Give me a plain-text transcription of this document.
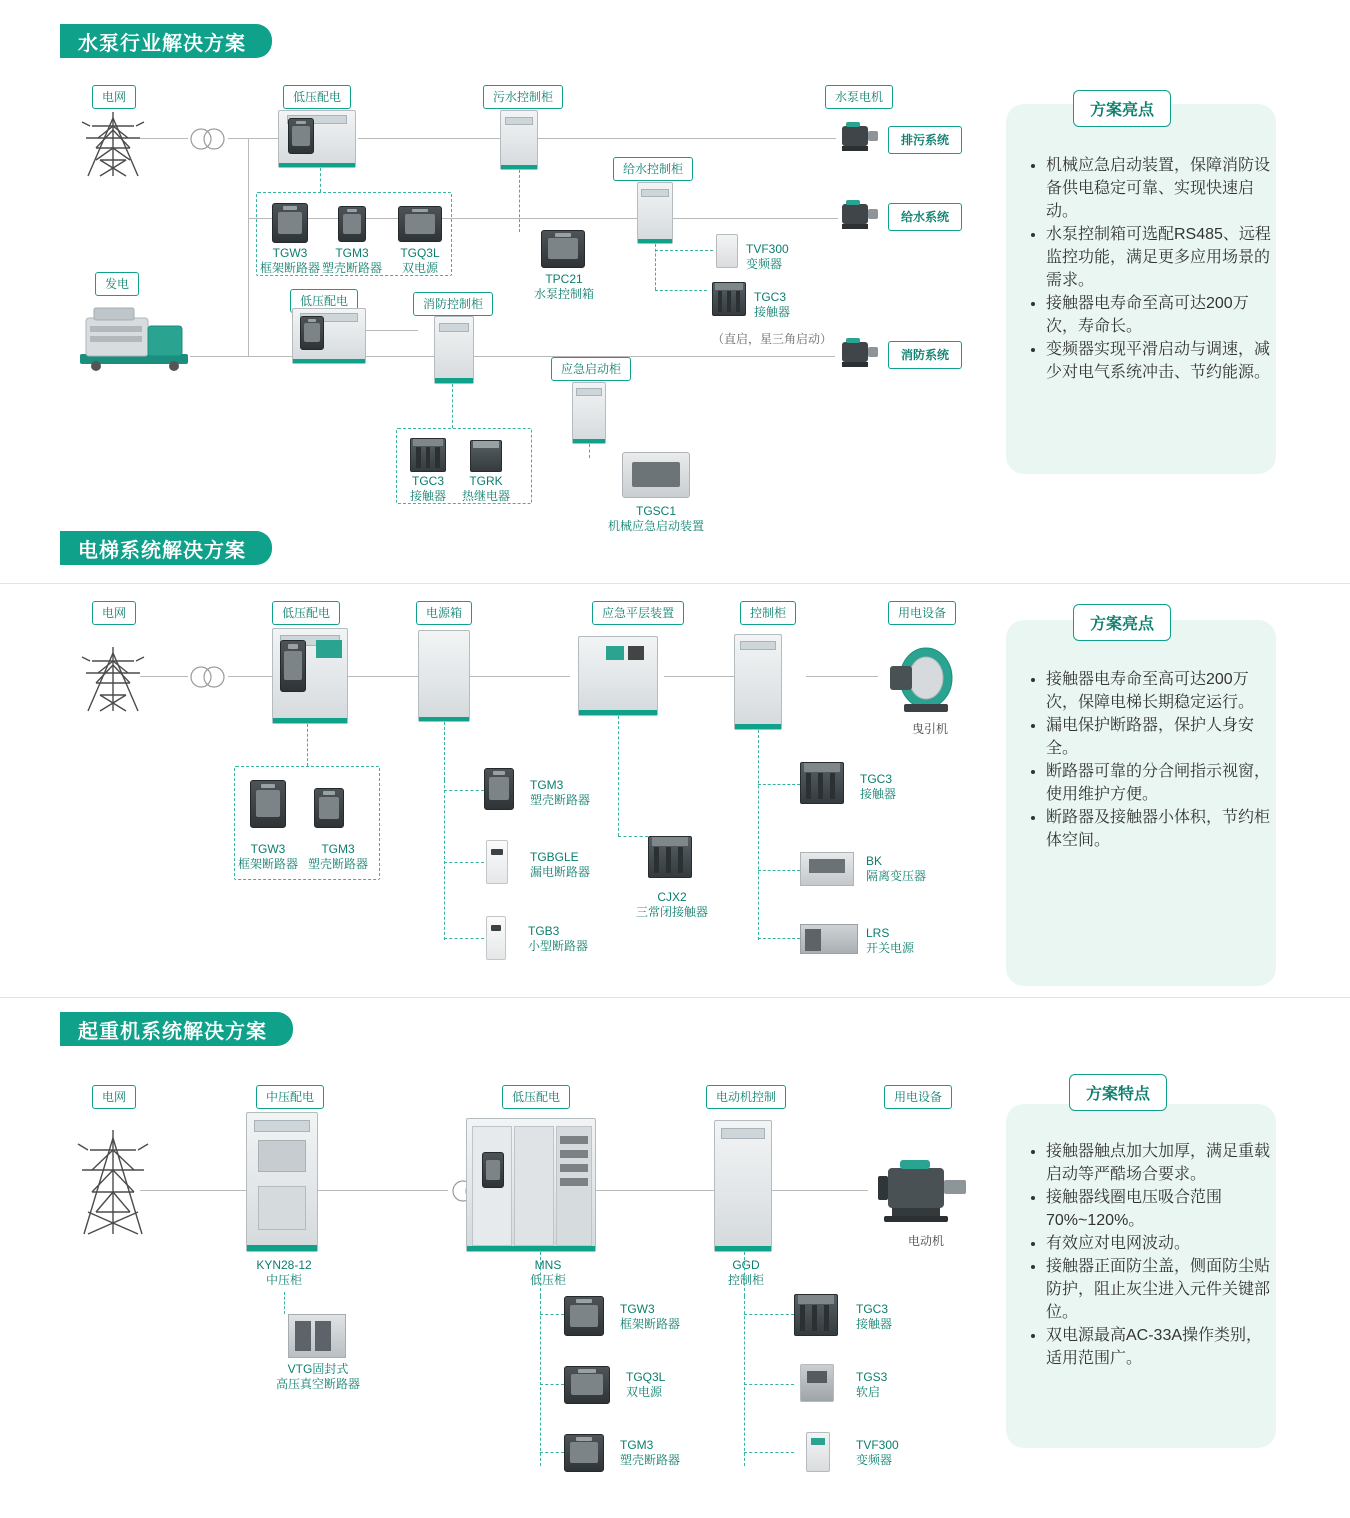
水泵行业解决方案
电网	低压配电	污水控制柜	水泵电机
给水控制柜
发电
低压配电	消防控制柜
应急启动柜
排污系统
给水系统
消防系统
TGW3
框架断路器
TGM3
塑壳断路器
TGQ3L
双电源
TPC21
水泵控制箱
TVF300
变频器
TGC3
接触器
（直启，星三角启动）
TGC3
接触器
TGRK
热继电器
TGSC1
机械应急启动装置
方案亮点
• 机械应急启动装置，保障消防设备供电稳定可靠、实现快速启动。
• 水泵控制箱可选配RS485、远程监控功能，满足更多应用场景的需求。
• 接触器电寿命至高可达200万次，寿命长。
• 变频器实现平滑启动与调速，减少对电气系统冲击、节约能源。
电梯系统解决方案
电网	低压配电	电源箱	应急平层装置	控制柜	用电设备
曳引机
TGW3
框架断路器
TGM3
塑壳断路器
TGM3
塑壳断路器
TGBGLE
漏电断路器
TGB3
小型断路器
CJX2
三常闭接触器
TGC3
接触器
BK
隔离变压器
LRS
开关电源
方案亮点
• 接触器电寿命至高可达200万次，保障电梯长期稳定运行。
• 漏电保护断路器，保护人身安全。
• 断路器可靠的分合闸指示视窗，使用维护方便。
• 断路器及接触器小体积，节约柜体空间。
起重机系统解决方案
电网	中压配电	低压配电	电动机控制	用电设备
KYN28-12
中压柜
VTG固封式
高压真空断路器
MNS
低压柜
GGD
控制柜
电动机
TGW3
框架断路器
TGQ3L
双电源
TGM3
塑壳断路器
TGC3
接触器
TGS3
软启
TVF300
变频器
方案特点
• 接触器触点加大加厚，满足重载启动等严酷场合要求。
• 接触器线圈电压吸合范围70%~120%。
• 有效应对电网波动。
• 接触器正面防尘盖，侧面防尘贴防护，阻止灰尘进入元件关键部位。
• 双电源最高AC-33A操作类别，适用范围广。
